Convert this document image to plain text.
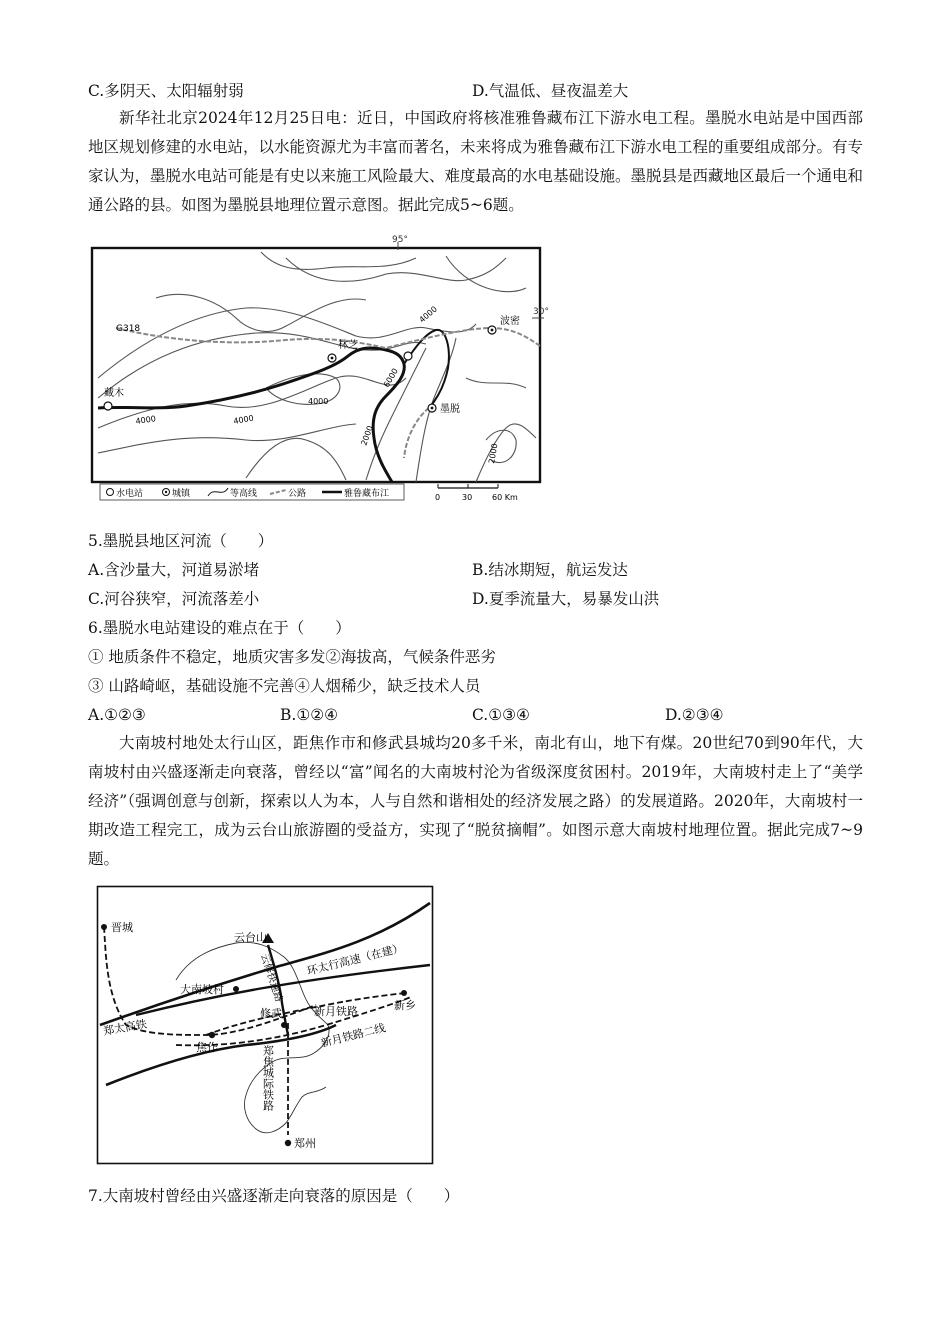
C.多阴天、太阳辐射弱	D.气温低、昼夜温差大
新华社北京2024年12月25日电：近日，中国政府将核准雅鲁藏布江下游水电工程。墨脱水电站是中国西部地区规划修建的水电站，以水能资源尤为丰富而著名，未来将成为雅鲁藏布江下游水电工程的重要组成部分。有专家认为，墨脱水电站可能是有史以来施工风险最大、难度最高的水电基础设施。墨脱县是西藏地区最后一个通电和通公路的县。如图为墨脱县地理位置示意图。据此完成5~6题。
95°
30°
G318
林芝
波密
墨脱
藏木
4000
4000
6000
4000
2000
2000
4000
水电站	城镇	等高线	公路	雅鲁藏布江	0	30 60 Km
5.墨脱县地区河流（　　）
A.含沙量大，河道易淤堵	B.结冰期短，航运发达
C.河谷狭窄，河流落差小	D.夏季流量大，易暴发山洪
6.墨脱水电站建设的难点在于（　　）
① 地质条件不稳定，地质灾害多发②海拔高，气候条件恶劣
③ 山路崎岖，基础设施不完善④人烟稀少，缺乏技术人员
A.①②③	B.①②④	C.①③④	D.②③④
大南坡村地处太行山区，距焦作市和修武县城均20多千米，南北有山，地下有煤。20世纪70到90年代，大南坡村由兴盛逐渐走向衰落，曾经以“富”闻名的大南坡村沦为省级深度贫困村。2019年，大南坡村走上了“美学经济”（强调创意与创新，探索以人为本，人与自然和谐相处的经济发展之路）的发展道路。2020年，大南坡村一期改造工程完工，成为云台山旅游圈的受益方，实现了“脱贫摘帽”。如图示意大南坡村地理位置。据此完成7~9题。
晋城
云台山
大南坡村
环太行高速（在建）
云修快速路
修武	新月铁路	新乡
郑太高铁
焦作	新月铁路二线
郑焦城际铁路
郑州
7.大南坡村曾经由兴盛逐渐走向衰落的原因是（　　）
